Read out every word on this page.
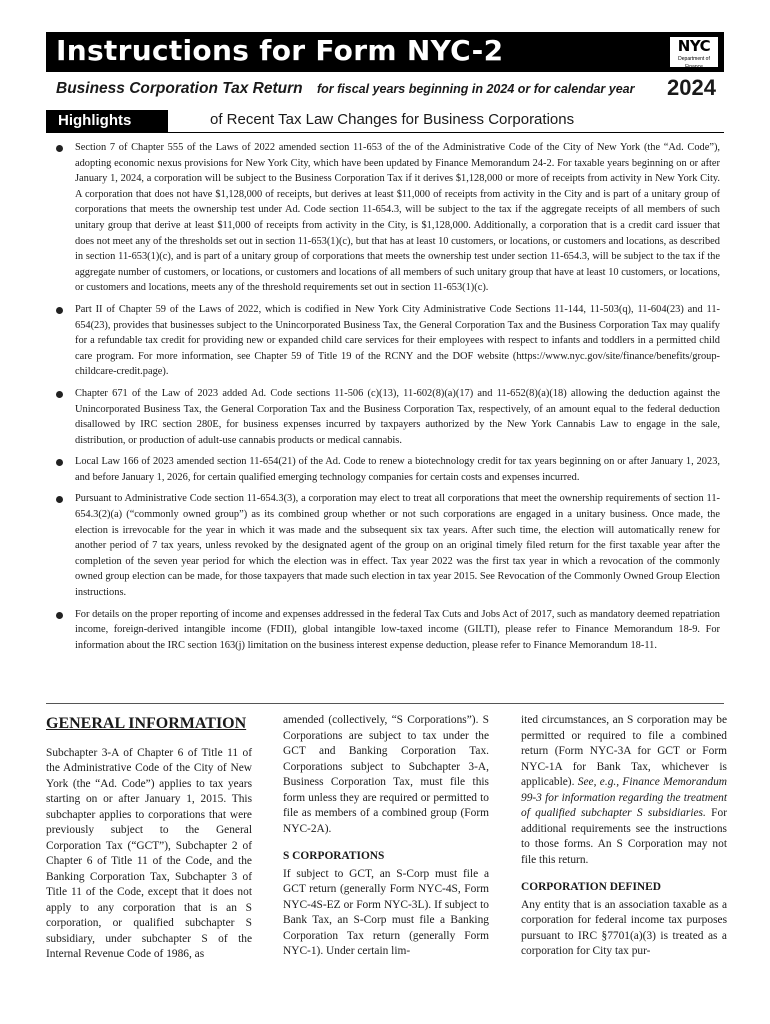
Instructions for Form NYC-2	NYC
Department of Finance
Business Corporation Tax Return for fiscal years beginning in 2024 or for calendar year 2024
Highlights	of Recent Tax Law Changes for Business Corporations
Section 7 of Chapter 555 of the Laws of 2022 amended section 11-653 of the of the Administrative Code of the City of New York (the “Ad. Code”), adopting economic nexus provisions for New York City, which have been updated by Finance Memorandum 24-2. For taxable years beginning on or after January 1, 2024, a corporation will be subject to the Business Corporation Tax if it derives $1,128,000 or more of receipts from activity in New York City. A corporation that does not have $1,128,000 of receipts, but derives at least $11,000 of receipts from activity in the City and is part of a unitary group of corporations that meets the ownership test under Ad. Code section 11-654.3, will be subject to the tax if the aggregate receipts of all members of such unitary group that derive at least $11,000 of receipts from activity in the City, is $1,128,000. Additionally, a corporation that is a credit card issuer that does not meet any of the thresholds set out in section 11-653(1)(c), but that has at least 10 customers, or locations, or customers and locations, as described in section 11-653(1)(c), and is part of a unitary group of corporations that meets the ownership test under section 11-654.3, will be subject to the tax if the aggregate number of customers, or locations, or customers and locations of all members of such unitary group that have at least 10 customers, or locations, or customers and locations, meets any of the threshold requirements set out in section 11-653(1)(c).
Part II of Chapter 59 of the Laws of 2022, which is codified in New York City Administrative Code Sections 11-144, 11-503(q), 11-604(23) and 11-654(23), provides that businesses subject to the Unincorporated Business Tax, the General Corporation Tax and the Business Corporation Tax may qualify for a refundable tax credit for providing new or expanded child care services for their employees with respect to infants and toddlers in a permitted child care program. For more information, see Chapter 59 of Title 19 of the RCNY and the DOF website (https://www.nyc.gov/site/finance/benefits/group-childcare-credit.page).
Chapter 671 of the Law of 2023 added Ad. Code sections 11-506 (c)(13), 11-602(8)(a)(17) and 11-652(8)(a)(18) allowing the deduction against the Unincorporated Business Tax, the General Corporation Tax and the Business Corporation Tax, respectively, of an amount equal to the federal deduction disallowed by IRC section 280E, for business expenses incurred by taxpayers authorized by the New York Cannabis Law to engage in the sale, distribution, or production of adult-use cannabis products or medical cannabis.
Local Law 166 of 2023 amended section 11-654(21) of the Ad. Code to renew a biotechnology credit for tax years beginning on or after January 1, 2023, and before January 1, 2026, for certain qualified emerging technology companies for certain costs and expenses incurred.
Pursuant to Administrative Code section 11-654.3(3), a corporation may elect to treat all corporations that meet the ownership requirements of section 11-654.3(2)(a) (“commonly owned group”) as its combined group whether or not such corporations are engaged in a unitary business. Once made, the election is irrevocable for the year in which it was made and the subsequent six tax years. After such time, the election will automatically renew for another period of 7 tax years, unless revoked by the designated agent of the group on an original timely filed return for the first taxable year after the completion of the seven year period for which the election was in effect. Tax year 2022 was the first tax year in which a revocation of the commonly owned group election can be made, for those taxpayers that made such election in tax year 2015. See Revocation of the Commonly Owned Group Election instructions.
For details on the proper reporting of income and expenses addressed in the federal Tax Cuts and Jobs Act of 2017, such as mandatory deemed repatriation income, foreign-derived intangible income (FDII), global intangible low-taxed income (GILTI), please refer to Finance Memorandum 18-9. For information about the IRC section 163(j) limitation on the business interest expense deduction, please refer to Finance Memorandum 18-11.
GENERAL INFORMATION

Subchapter 3-A of Chapter 6 of Title 11 of the Administrative Code of the City of New York (the “Ad. Code”) applies to tax years starting on or after January 1, 2015. This subchapter applies to corporations that were previously subject to the General Corporation Tax (“GCT”), Subchapter 2 of Chapter 6 of Title 11 of the Code, and the Banking Corporation Tax, Subchapter 3 of Title 11 of the Code, except that it does not apply to any corporation that is an S corporation, or qualified subchapter S subsidiary, under subchapter S of the Internal Revenue Code of 1986, as

amended (collectively, “S Corporations”). S Corporations are subject to tax under the GCT and Banking Corporation Tax. Corporations subject to Subchapter 3-A, Business Corporation Tax, must file this form unless they are required or permitted to file as members of a combined group (Form NYC-2A).

S CORPORATIONS

If subject to GCT, an S-Corp must file a GCT return (generally Form NYC-4S, Form NYC-4S-EZ or Form NYC-3L). If subject to Bank Tax, an S-Corp must file a Banking Corporation Tax return (generally Form NYC-1). Under certain lim-

ited circumstances, an S corporation may be permitted or required to file a combined return (Form NYC-3A for GCT or Form NYC-1A for Bank Tax, whichever is applicable). See, e.g., Finance Memorandum 99-3 for information regarding the treatment of qualified subchapter S subsidiaries. For additional requirements see the instructions to those forms. An S Corporation may not file this return.

CORPORATION DEFINED

Any entity that is an association taxable as a corporation for federal income tax purposes pursuant to IRC §7701(a)(3) is treated as a corporation for City tax pur-
